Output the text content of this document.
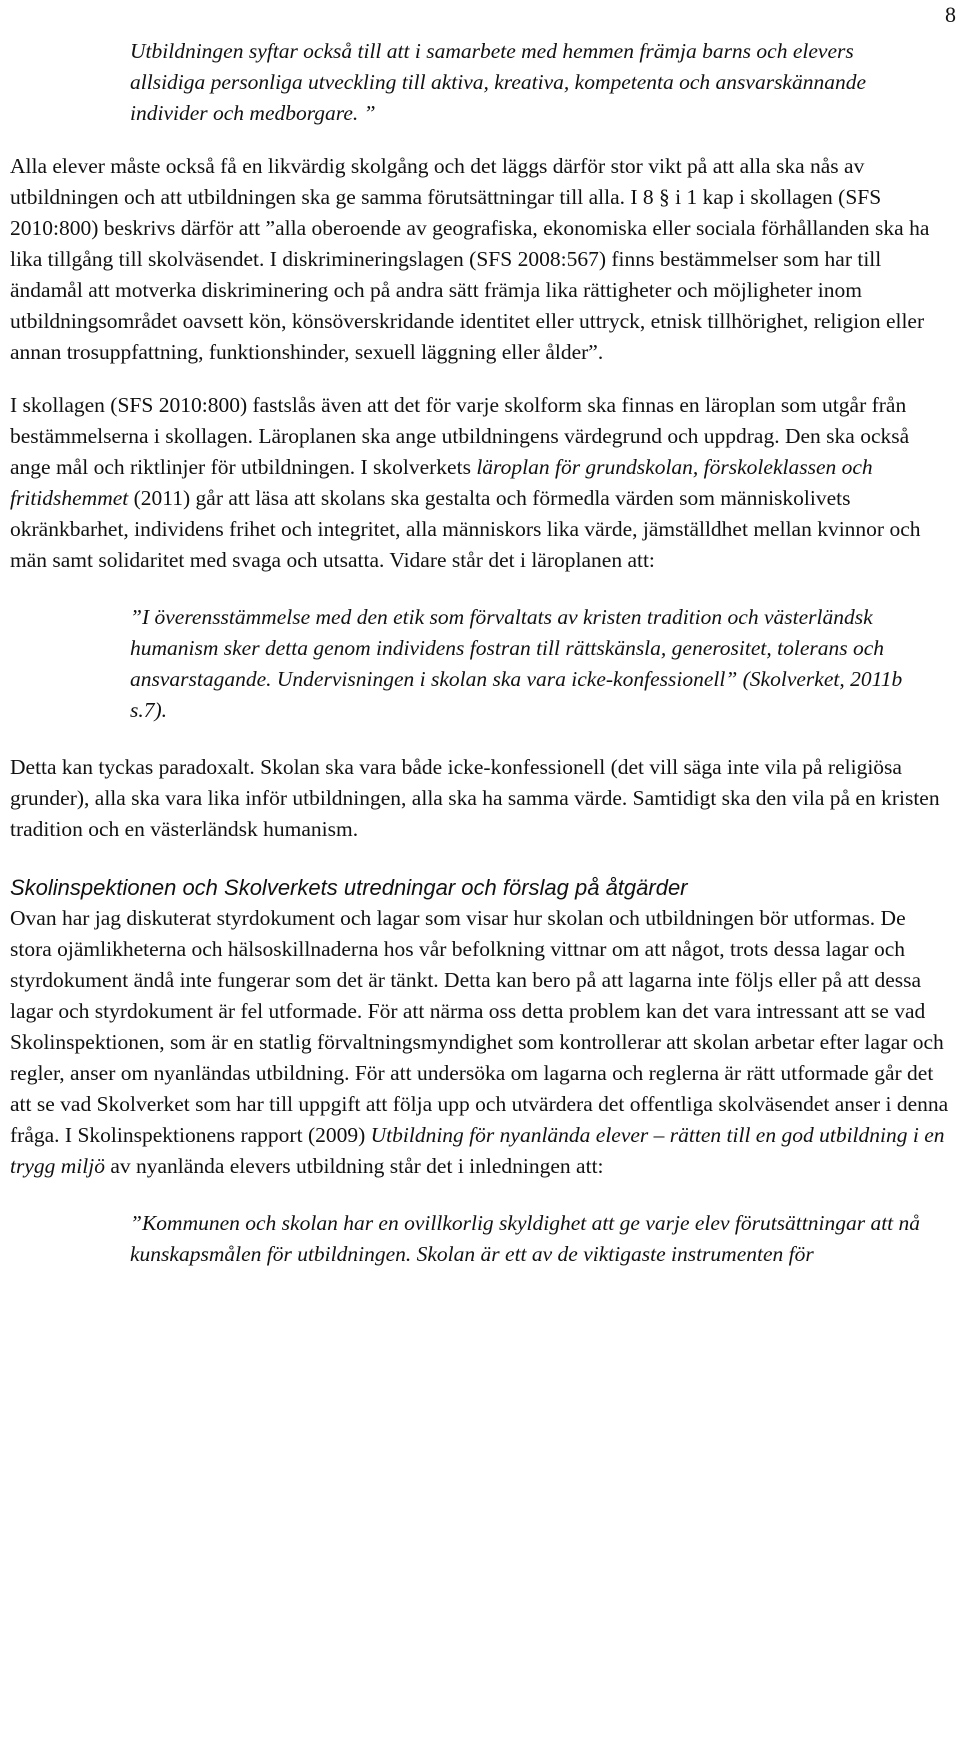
8

Utbildningen syftar också till att i samarbete med hemmen främja barns och elevers allsidiga personliga utveckling till aktiva, kreativa, kompetenta och ansvarskännande individer och medborgare. ”

Alla elever måste också få en likvärdig skolgång och det läggs därför stor vikt på att alla ska nås av utbildningen och att utbildningen ska ge samma förutsättningar till alla. I 8 § i 1 kap i skollagen (SFS 2010:800) beskrivs därför att ”alla oberoende av geografiska, ekonomiska eller sociala förhållanden ska ha lika tillgång till skolväsendet. I diskrimineringslagen (SFS 2008:567) finns bestämmelser som har till ändamål att motverka diskriminering och på andra sätt främja lika rättigheter och möjligheter inom utbildningsområdet oavsett kön, könsöverskridande identitet eller uttryck, etnisk tillhörighet, religion eller annan trosuppfattning, funktionshinder, sexuell läggning eller ålder”.

I skollagen (SFS 2010:800) fastslås även att det för varje skolform ska finnas en läroplan som utgår från bestämmelserna i skollagen. Läroplanen ska ange utbildningens värdegrund och uppdrag. Den ska också ange mål och riktlinjer för utbildningen. I skolverkets läroplan för grundskolan, förskoleklassen och fritidshemmet (2011) går att läsa att skolans ska gestalta och förmedla värden som människolivets okränkbarhet, individens frihet och integritet, alla människors lika värde, jämställdhet mellan kvinnor och män samt solidaritet med svaga och utsatta. Vidare står det i läroplanen att:

”I överensstämmelse med den etik som förvaltats av kristen tradition och västerländsk humanism sker detta genom individens fostran till rättskänsla, generositet, tolerans och ansvarstagande. Undervisningen i skolan ska vara icke-konfessionell” (Skolverket, 2011b s.7).

Detta kan tyckas paradoxalt. Skolan ska vara både icke-konfessionell (det vill säga inte vila på religiösa grunder), alla ska vara lika inför utbildningen, alla ska ha samma värde. Samtidigt ska den vila på en kristen tradition och en västerländsk humanism.

Skolinspektionen och Skolverkets utredningar och förslag på åtgärder

Ovan har jag diskuterat styrdokument och lagar som visar hur skolan och utbildningen bör utformas. De stora ojämlikheterna och hälsoskillnaderna hos vår befolkning vittnar om att något, trots dessa lagar och styrdokument ändå inte fungerar som det är tänkt. Detta kan bero på att lagarna inte följs eller på att dessa lagar och styrdokument är fel utformade. För att närma oss detta problem kan det vara intressant att se vad Skolinspektionen, som är en statlig förvaltningsmyndighet som kontrollerar att skolan arbetar efter lagar och regler, anser om nyanländas utbildning. För att undersöka om lagarna och reglerna är rätt utformade går det att se vad Skolverket som har till uppgift att följa upp och utvärdera det offentliga skolväsendet anser i denna fråga. I Skolinspektionens rapport (2009) Utbildning för nyanlända elever – rätten till en god utbildning i en trygg miljö av nyanlända elevers utbildning står det i inledningen att:

”Kommunen och skolan har en ovillkorlig skyldighet att ge varje elev förutsättningar att nå kunskapsmålen för utbildningen. Skolan är ett av de viktigaste instrumenten för
